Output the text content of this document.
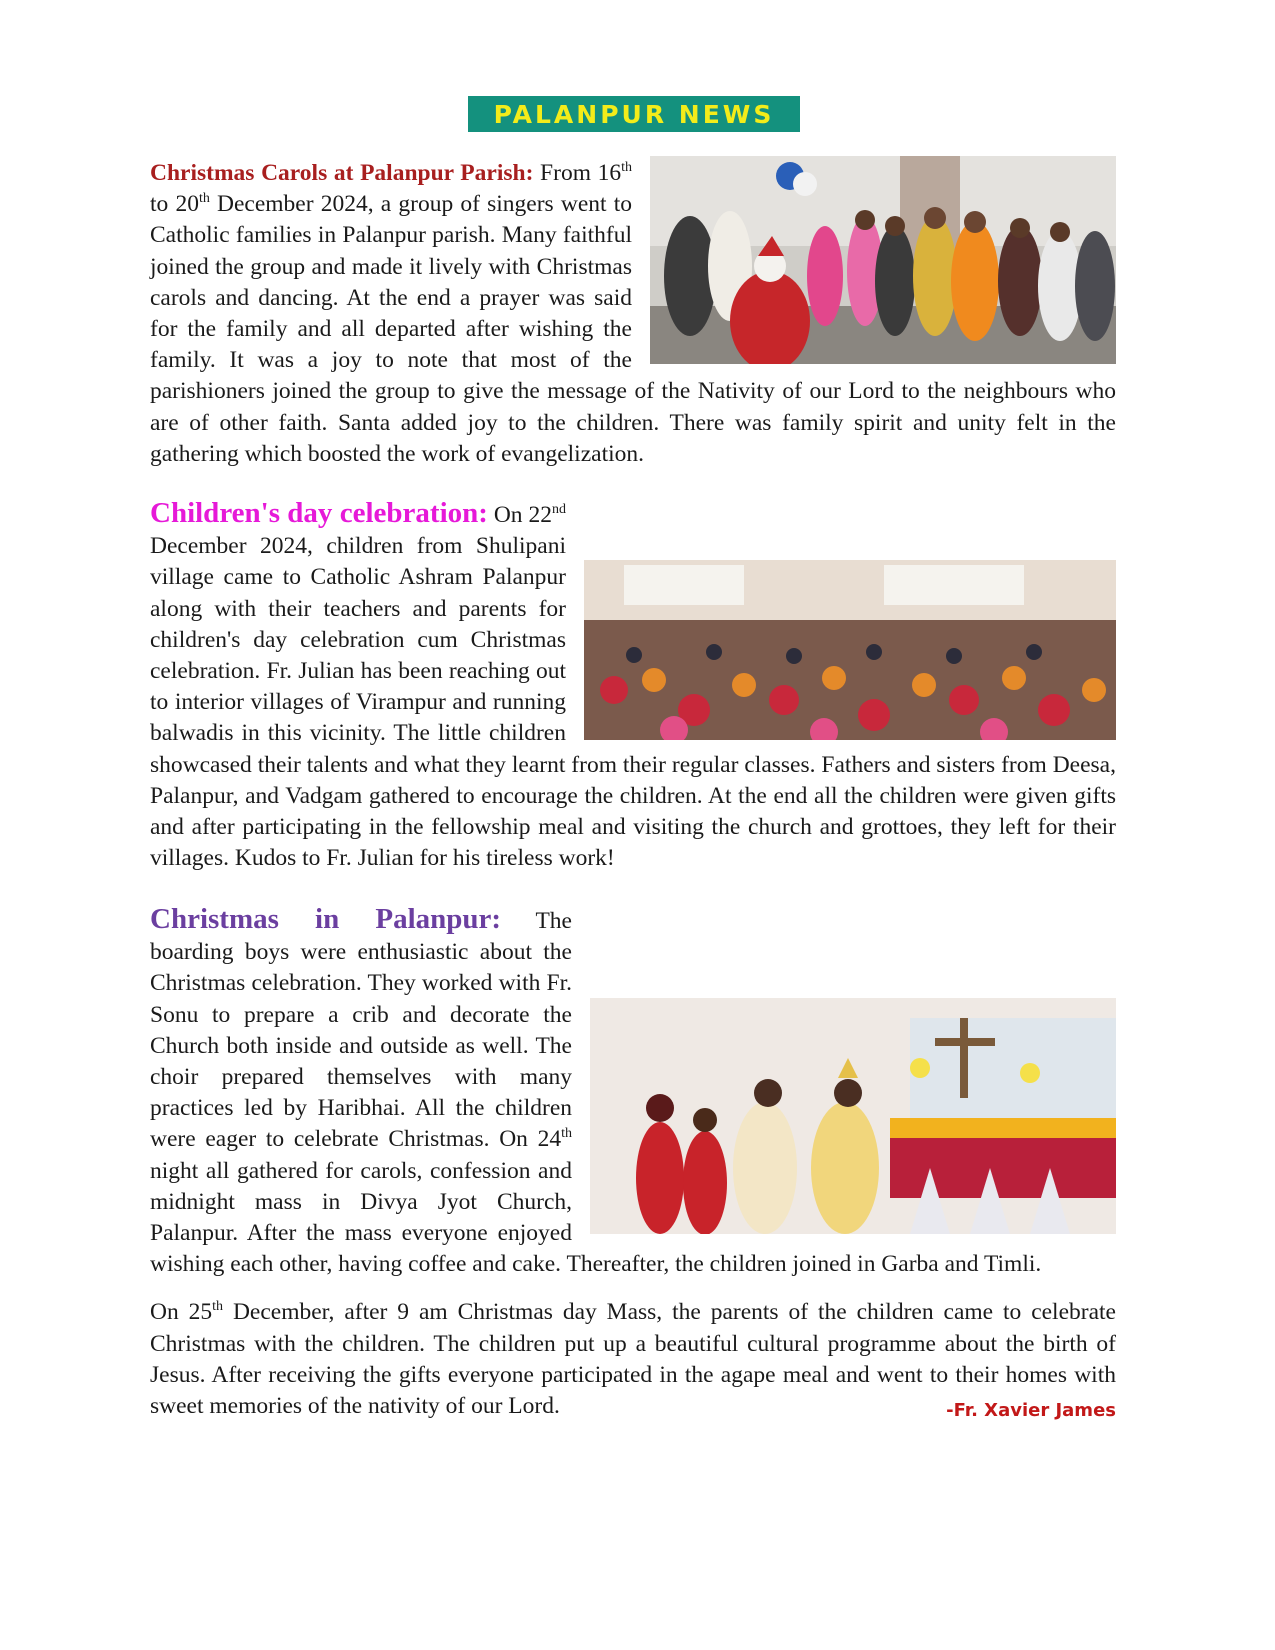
PALANPUR NEWS

Christmas Carols at Palanpur Parish: From 16th to 20th December 2024, a group of singers went to Catholic families in Palanpur parish. Many faithful joined the group and made it lively with Christmas carols and dancing. At the end a prayer was said for the family and all departed after wishing the family. It was a joy to note that most of the parishioners joined the group to give the message of the Nativity of our Lord to the neighbours who are of other faith. Santa added joy to the children. There was family spirit and unity felt in the gathering which boosted the work of evangelization.

Children's day celebration: On 22nd December 2024, children from Shulipani village came to Catholic Ashram Palanpur along with their teachers and parents for children's day celebration cum Christmas celebration. Fr. Julian has been reaching out to interior villages of Virampur and running balwadis in this vicinity. The little children showcased their talents and what they learnt from their regular classes. Fathers and sisters from Deesa, Palanpur, and Vadgam gathered to encourage the children. At the end all the children were given gifts and after participating in the fellowship meal and visiting the church and grottoes, they left for their villages. Kudos to Fr. Julian for his tireless work!

Christmas in Palanpur: The boarding boys were enthusiastic about the Christmas celebration. They worked with Fr. Sonu to prepare a crib and decorate the Church both inside and outside as well. The choir prepared themselves with many practices led by Haribhai. All the children were eager to celebrate Christmas. On 24th night all gathered for carols, confession and midnight mass in Divya Jyot Church, Palanpur. After the mass everyone enjoyed wishing each other, having coffee and cake. Thereafter, the children joined in Garba and Timli.

On 25th December, after 9 am Christmas day Mass, the parents of the children came to celebrate Christmas with the children. The children put up a beautiful cultural programme about the birth of Jesus. After receiving the gifts everyone participated in the agape meal and went to their homes with sweet memories of the nativity of our Lord.	-Fr. Xavier James
